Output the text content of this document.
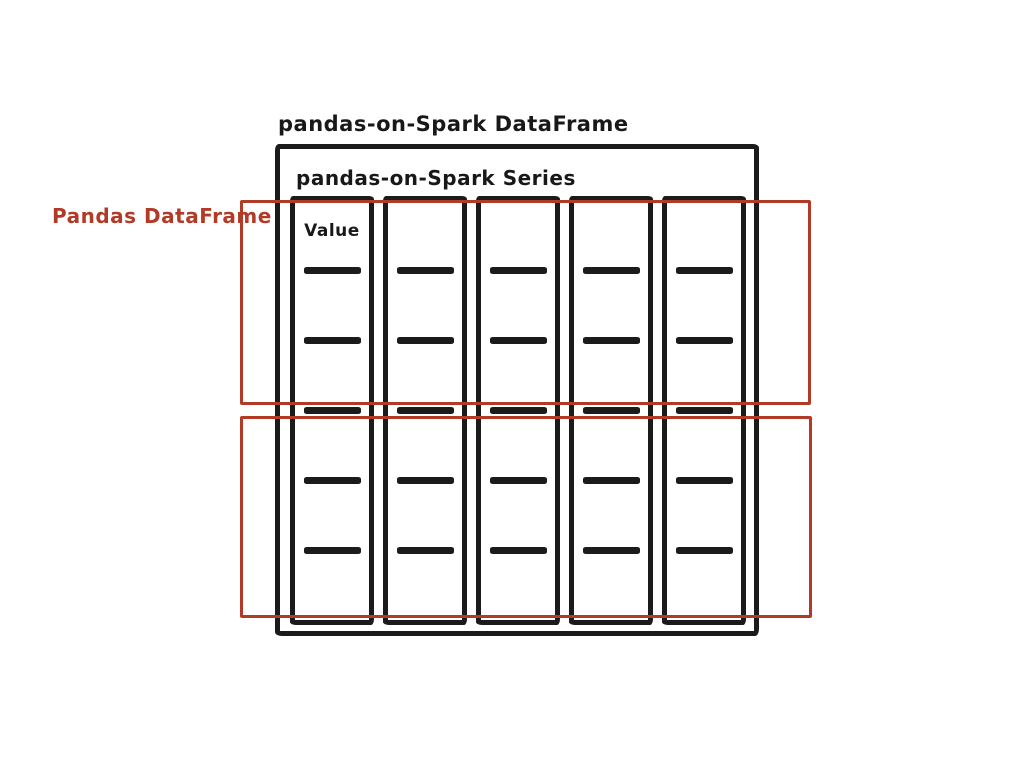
pandas-on-Spark DataFrame
pandas-on-Spark Series
Value
Pandas DataFrame
